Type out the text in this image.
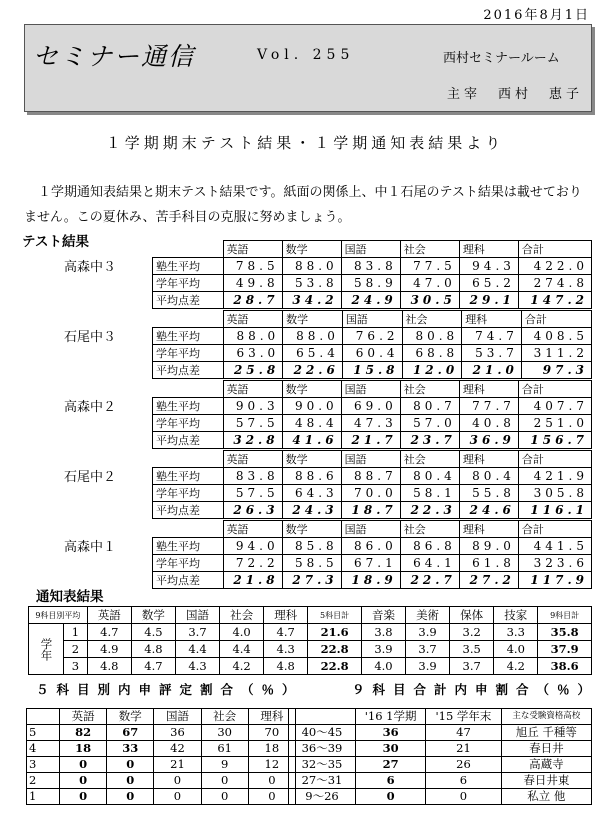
2016年8月1日
セミナー通信	Vol. 255	西村セミナールーム
主宰　西村　恵子
１学期期末テスト結果・１学期通知表結果より
１学期通知表結果と期末テスト結果です。紙面の関係上、中１石尾のテスト結果は載せておりません。この夏休み、苦手科目の克服に努めましょう。
テスト結果
高森中３
	英語	数学	国語	社会	理科	合計
塾生平均	78.5	88.0	83.8	77.5	94.3	422.0
学年平均	49.8	53.8	58.9	47.0	65.2	274.8
平均点差	28.7	34.2	24.9	30.5	29.1	147.2
石尾中３
	英語	数学	国語	社会	理科	合計
塾生平均	88.0	88.0	76.2	80.8	74.7	408.5
学年平均	63.0	65.4	60.4	68.8	53.7	311.2
平均点差	25.8	22.6	15.8	12.0	21.0	97.3
高森中２
	英語	数学	国語	社会	理科	合計
塾生平均	90.3	90.0	69.0	80.7	77.7	407.7
学年平均	57.5	48.4	47.3	57.0	40.8	251.0
平均点差	32.8	41.6	21.7	23.7	36.9	156.7
石尾中２
	英語	数学	国語	社会	理科	合計
塾生平均	83.8	88.6	88.7	80.4	80.4	421.9
学年平均	57.5	64.3	70.0	58.1	55.8	305.8
平均点差	26.3	24.3	18.7	22.3	24.6	116.1
高森中１
	英語	数学	国語	社会	理科	合計
塾生平均	94.0	85.8	86.0	86.8	89.0	441.5
学年平均	72.2	58.5	67.1	64.1	61.8	323.6
平均点差	21.8	27.3	18.9	22.7	27.2	117.9
通知表結果
9科目別平均		英語	数学	国語	社会	理科	5科目計	音楽	美術	保体	技家	9科目計
学年	1	4.7	4.5	3.7	4.0	4.7	21.6	3.8	3.9	3.2	3.3	35.8
	2	4.9	4.8	4.4	4.4	4.3	22.8	3.9	3.7	3.5	4.0	37.9
	3	4.8	4.7	4.3	4.2	4.8	22.8	4.0	3.9	3.7	4.2	38.6
５科目別内申評定割合（％）	９科目合計内申割合（％）
	英語	数学	国語	社会	理科
5	82	67	36	30	70
4	18	33	42	61	18
3	0	0	21	9	12
2	0	0	0	0	0
1	0	0	0	0	0
	'16 1学期	'15 学年末	主な受験資格高校
40～45	36	47	旭丘 千種等
36～39	30	21	春日井
32～35	27	26	高蔵寺
27～31	6	6	春日井東
9～26	0	0	私立 他
